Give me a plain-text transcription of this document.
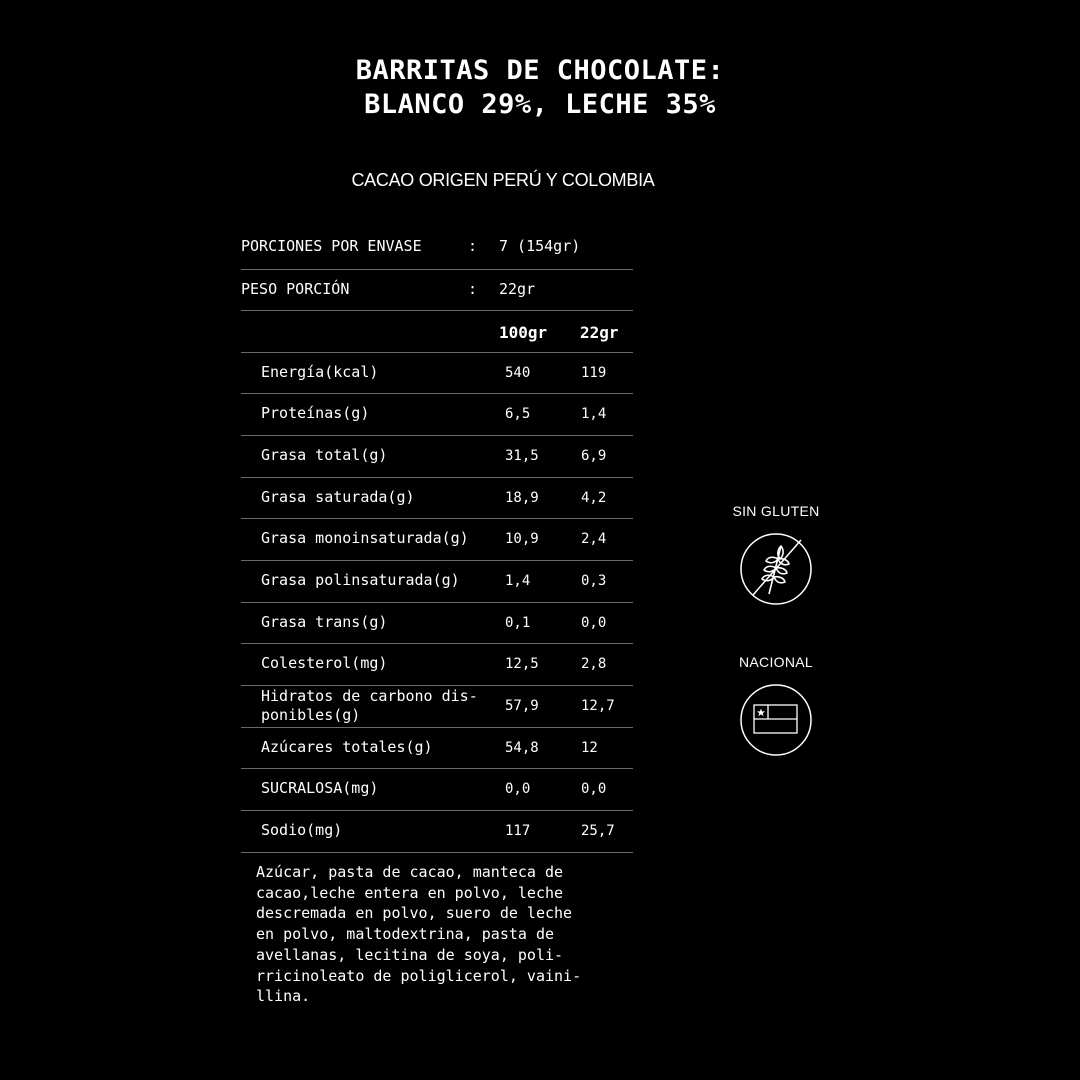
BARRITAS DE CHOCOLATE:
BLANCO 29%, LECHE 35%
CACAO ORIGEN PERÚ Y COLOMBIA
PORCIONES POR ENVASE	: 7 (154gr)
PESO PORCIÓN	: 22gr
100gr 22gr
Energía(kcal)	540	119
Proteínas(g)	6,5	1,4
Grasa total(g)	31,5	6,9
Grasa saturada(g)	18,9	4,2
Grasa monoinsaturada(g)	10,9	2,4
Grasa polinsaturada(g)	1,4	0,3
Grasa trans(g)	0,1	0,0
Colesterol(mg)	12,5	2,8
Hidratos de carbono dis-
ponibles(g)	57,9	12,7
Azúcares totales(g)	54,8	12
SUCRALOSA(mg)	0,0	0,0
Sodio(mg)	117	25,7
Azúcar, pasta de cacao, manteca de
cacao,leche entera en polvo, leche
descremada en polvo, suero de leche
en polvo, maltodextrina, pasta de
avellanas, lecitina de soya, poli-
rricinoleato de poliglicerol, vaini-
llina.
SIN GLUTEN
NACIONAL
